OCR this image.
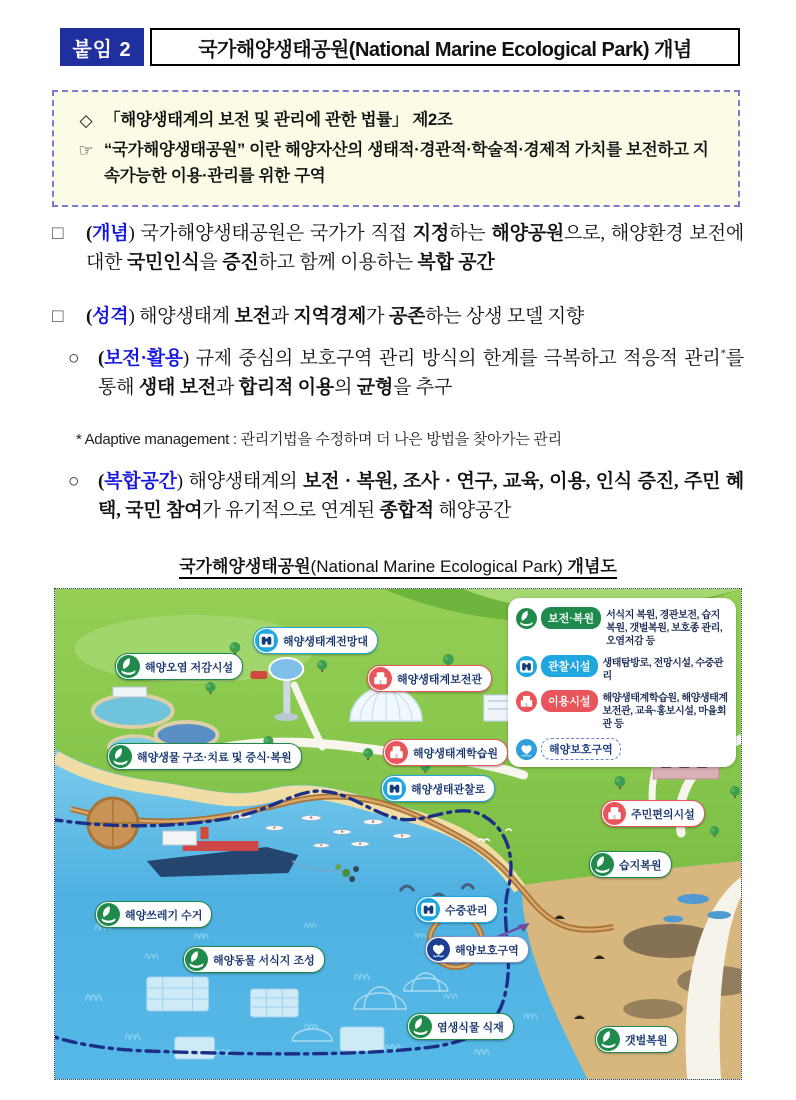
붙임 2	국가해양생태공원(National Marine Ecological Park) 개념
◇ 「해양생태계의 보전 및 관리에 관한 법률」 제2조
☞ “국가해양생태공원” 이란 해양자산의 생태적·경관적·학술적·경제적 가치를 보전하고 지속가능한 이용·관리를 위한 구역
□	(개념) 국가해양생태공원은 국가가 직접 지정하는 해양공원으로, 해양환경 보전에 대한 국민인식을 증진하고 함께 이용하는 복합 공간
□	(성격) 해양생태계 보전과 지역경제가 공존하는 상생 모델 지향
○ (보전·활용) 규제 중심의 보호구역 관리 방식의 한계를 극복하고 적응적 관리*를 통해 생태 보전과 합리적 이용의 균형을 추구
* Adaptive management : 관리기법을 수정하며 더 나은 방법을 찾아가는 관리
○ (복합공간) 해양생태계의 보전 · 복원, 조사 · 연구, 교육, 이용, 인식 증진, 주민 혜택, 국민 참여가 유기적으로 연계된 종합적 해양공간
국가해양생태공원(National Marine Ecological Park) 개념도
보전·복원	서식지 복원, 경관보전, 습지복원, 갯벌복원, 보호종 관리, 오염저감 등
관찰시설	생태탐방로, 전망시설, 수중관리
이용시설	해양생태계학습원, 해양생태계보전관, 교육·홍보시설, 마을회관 등
해양보호구역
해양생태계전망대
해양오염 저감시설
해양생태계보전관
해양생태계학습원
해양생태관찰로
해양생물 구조·치료 및 증식·복원
주민편의시설
습지복원
해양쓰레기 수거	수중관리
해양보호구역
해양동물 서식지 조성
염생식물 식재
갯벌복원
